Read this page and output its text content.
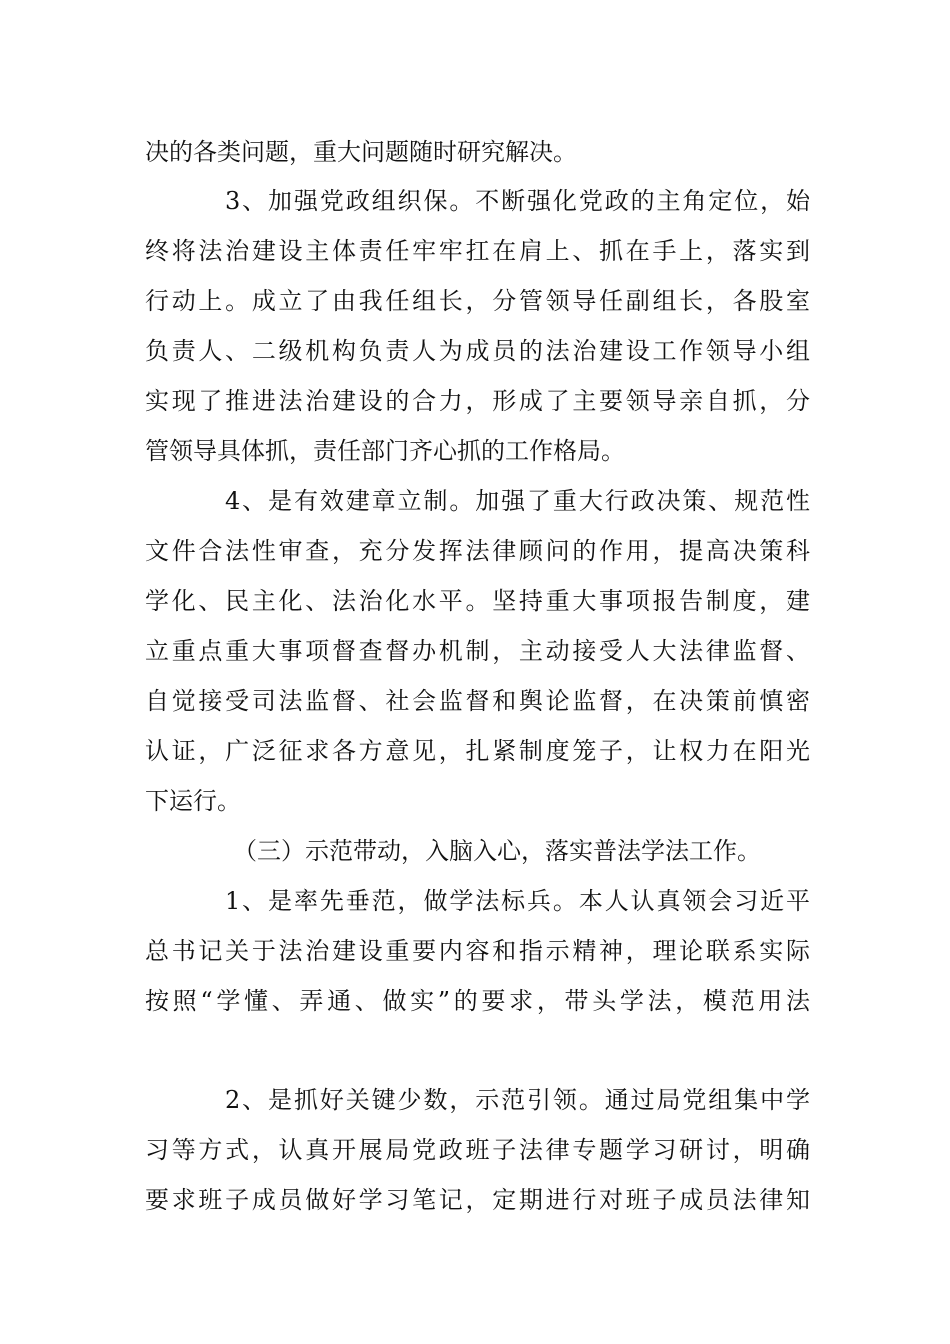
决的各类问题，重大问题随时研究解决。
3、加强党政组织保。不断强化党政的主角定位，始
终将法治建设主体责任牢牢扛在肩上、抓在手上，落实到
行动上。成立了由我任组长，分管领导任副组长，各股室
负责人、二级机构负责人为成员的法治建设工作领导小组
实现了推进法治建设的合力，形成了主要领导亲自抓，分
管领导具体抓，责任部门齐心抓的工作格局。
4、是有效建章立制。加强了重大行政决策、规范性
文件合法性审查，充分发挥法律顾问的作用，提高决策科
学化、民主化、法治化水平。坚持重大事项报告制度，建
立重点重大事项督查督办机制，主动接受人大法律监督、
自觉接受司法监督、社会监督和舆论监督，在决策前慎密
认证，广泛征求各方意见，扎紧制度笼子，让权力在阳光
下运行。
（三）示范带动，入脑入心，落实普法学法工作。
1、是率先垂范，做学法标兵。本人认真领会习近平
总书记关于法治建设重要内容和指示精神，理论联系实际
按照“学懂、弄通、做实”的要求，带头学法，模范用法
2、是抓好关键少数，示范引领。通过局党组集中学
习等方式，认真开展局党政班子法律专题学习研讨，明确
要求班子成员做好学习笔记，定期进行对班子成员法律知
